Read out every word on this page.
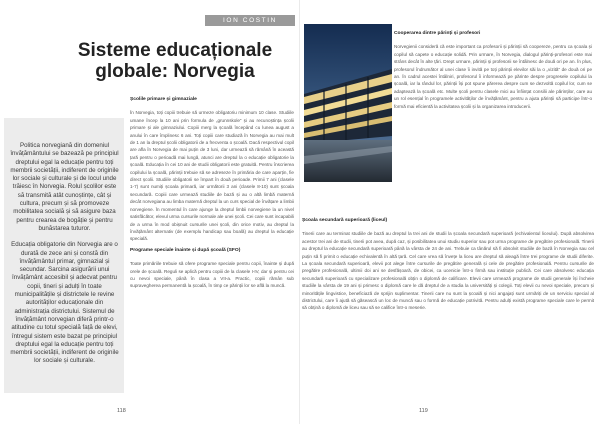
ION COSTIN
Sisteme educaționale globale: Norvegia

Politica norvegiană din domeniul învățământului se bazează pe principiul dreptului egal la educație pentru toți membrii societății, indiferent de originile lor sociale și culturale și de locul unde trăiesc în Norvegia. Rolul școlilor este să transmită atât cunoștințe, cât și cultura, precum și să promoveze mobilitatea socială și să asigure baza pentru crearea de bogăție și pentru bunăstarea tuturor.

Educația obligatorie din Norvegia are o durată de zece ani și constă din învățământul primar, gimnazial și secundar. Sarcina asigurării unui învățământ accesibil și adecvat pentru copii, tineri și adulți în toate municipalitățile și districtele le revine autorităților educaționale din administrația districtului. Sistemul de învățământ norvegian diferă printr-o atitudine cu totul specială față de elevi, întregul sistem este bazat pe principiul dreptului egal la educație pentru toți membrii societății, indiferent de originile lor sociale și culturale.

Școlile primare și gimnaziale

În Norvegia, toți copiii trebuie să urmeze obligatoriu minimum 10 clase. Studiile umane încep la 10 ani prin formula de „grunnskole” și au recunoștința școlii primare și ale gimnaziului. Copiii merg la școală începând cu lunea august a anului în care împlinesc 6 ani. Toți copiii care studiază în Norvegia au mai mult de 1 an la dreptul școlii obligatorii de a frecventa o școală. Dacă respectivul copil are afla în Norvegia de mai puțin de 3 luni, dar urmează să rămână în această țară pentru o perioadă mai lungă, atunci are dreptul la o educație obligatorie la școală. Educația în cei 10 ani de studii obligatorii este gratuită. Pentru înscrierea copilului la școală, părinții trebuie să se adreseze în primăria de care aparțin, fie direct școlii. Studiile obligatorii se împart în două perioade. Primii 7 ani (clasele 1-7) sunt numiți școala primară, iar următorii 3 ani (clasele 8-10) sunt școala secundară. Copiii care urmează studiile de bază și au o altă limbă maternă decât norvegiana au limba maternă dreptul la un curs special de învățare a limbii norvegiene. În momentul în care ajunge la dreptul limbii norvegiene la un nivel satisfăcător, elevul urma cursurile normale ale unei școli. Cei care sunt incapabili de a urma în mod obișnuit cursurile unei școli, din orice motiv, au dreptul la învățământ alternativ (de exemplu handicap sau boală) au dreptul la educație specială.

Programe speciale înainte și după școală (SFO)

Toate primăriile trebuie să ofere programe speciale pentru copii, înainte și după orele de școală. Reguli se aplică pentru copiii de la clasele I-IV, dar și pentru cei cu nevoi speciale, până în clasa a VII-a. Practic, copiii rămân sub supravegherea permanentă la școală, în timp ce părinții lor se află la muncă.

118
Cooperarea dintre părinți și profesori

Norvegienii consideră că este important ca profesorii și părinții să coopereze, pentru ca școala și copilul să capete o educație solidă. Prin urmare, în Norvegia, dialogul părinți-profesori este mai strâns decât în alte țări. Drept urmare, părinții și profesorii se întâlnesc de două ori pe an. În plus, profesorul îndrumător al unei clase îi invită pe toți părinții elevilor săi la o „vizită” de două ori pe an. În cadrul acestei întâlniri, profesorul îi informează pe părinte despre progresele copilului la școală, iar la rândul lor, părinții își pot spune părerea despre cum se dezvoltă copilul lor, cum se adaptează la școală etc. Multe școli pentru clasele mici au înființat consilii ale părinților, care au un rol esențial în programele activităților de învățământ, pentru a ajuta părinții să participe într-o formă mai eficientă la activitatea școlii și la organizarea introducerii.

Școala secundară superioară (liceul)

Tinerii care au terminat studiile de bază au dreptul la trei ani de studii la școala secundară superioară (echivalentul liceului). După absolvirea acestor trei ani de studii, tinerii pot avea, după caz, și posibilitatea unui studiu superior sau pot urma programe de pregătire profesională. Tinerii au dreptul la educație secundară superioară până la vârsta de 24 de ani. Trebuie ca tânărul să fi absolvit studiile de bază în Norvegia sau cel puțin să fi primit o educație echivalentă în altă țară. Cel care vrea să învețe la liceu are dreptul să aleagă între trei programe de studii diferite. La școala secundară superioară, elevii pot alege între cursurile de pregătire generală și cele de pregătire profesională. Pentru cursurile de pregătire profesională, ultimii doi ani se desfășoară, de obicei, ca ucenicie într-o firmă sau instituție publică. Cei care absolvesc educația secundară superioară cu specializare profesională obțin o diplomă de calificare. Elevii care urmează programe de studii generale își încheie studiile la vârsta de 19 ani și primesc o diplomă care le dă dreptul de a studia la universități și colegii. Toți elevii cu nevoi speciale, precum și minoritățile lingvistice, beneficiază de sprijin suplimentar. Tinerii care nu sunt la școală și nici angajați sunt urmăriți de un serviciu special al districtului, care îi ajută să găsească un loc de muncă sau o formă de educație potrivită. Pentru adulți există programe speciale care le permit să obțină o diplomă de liceu sau să se califice într-o meserie.

119
